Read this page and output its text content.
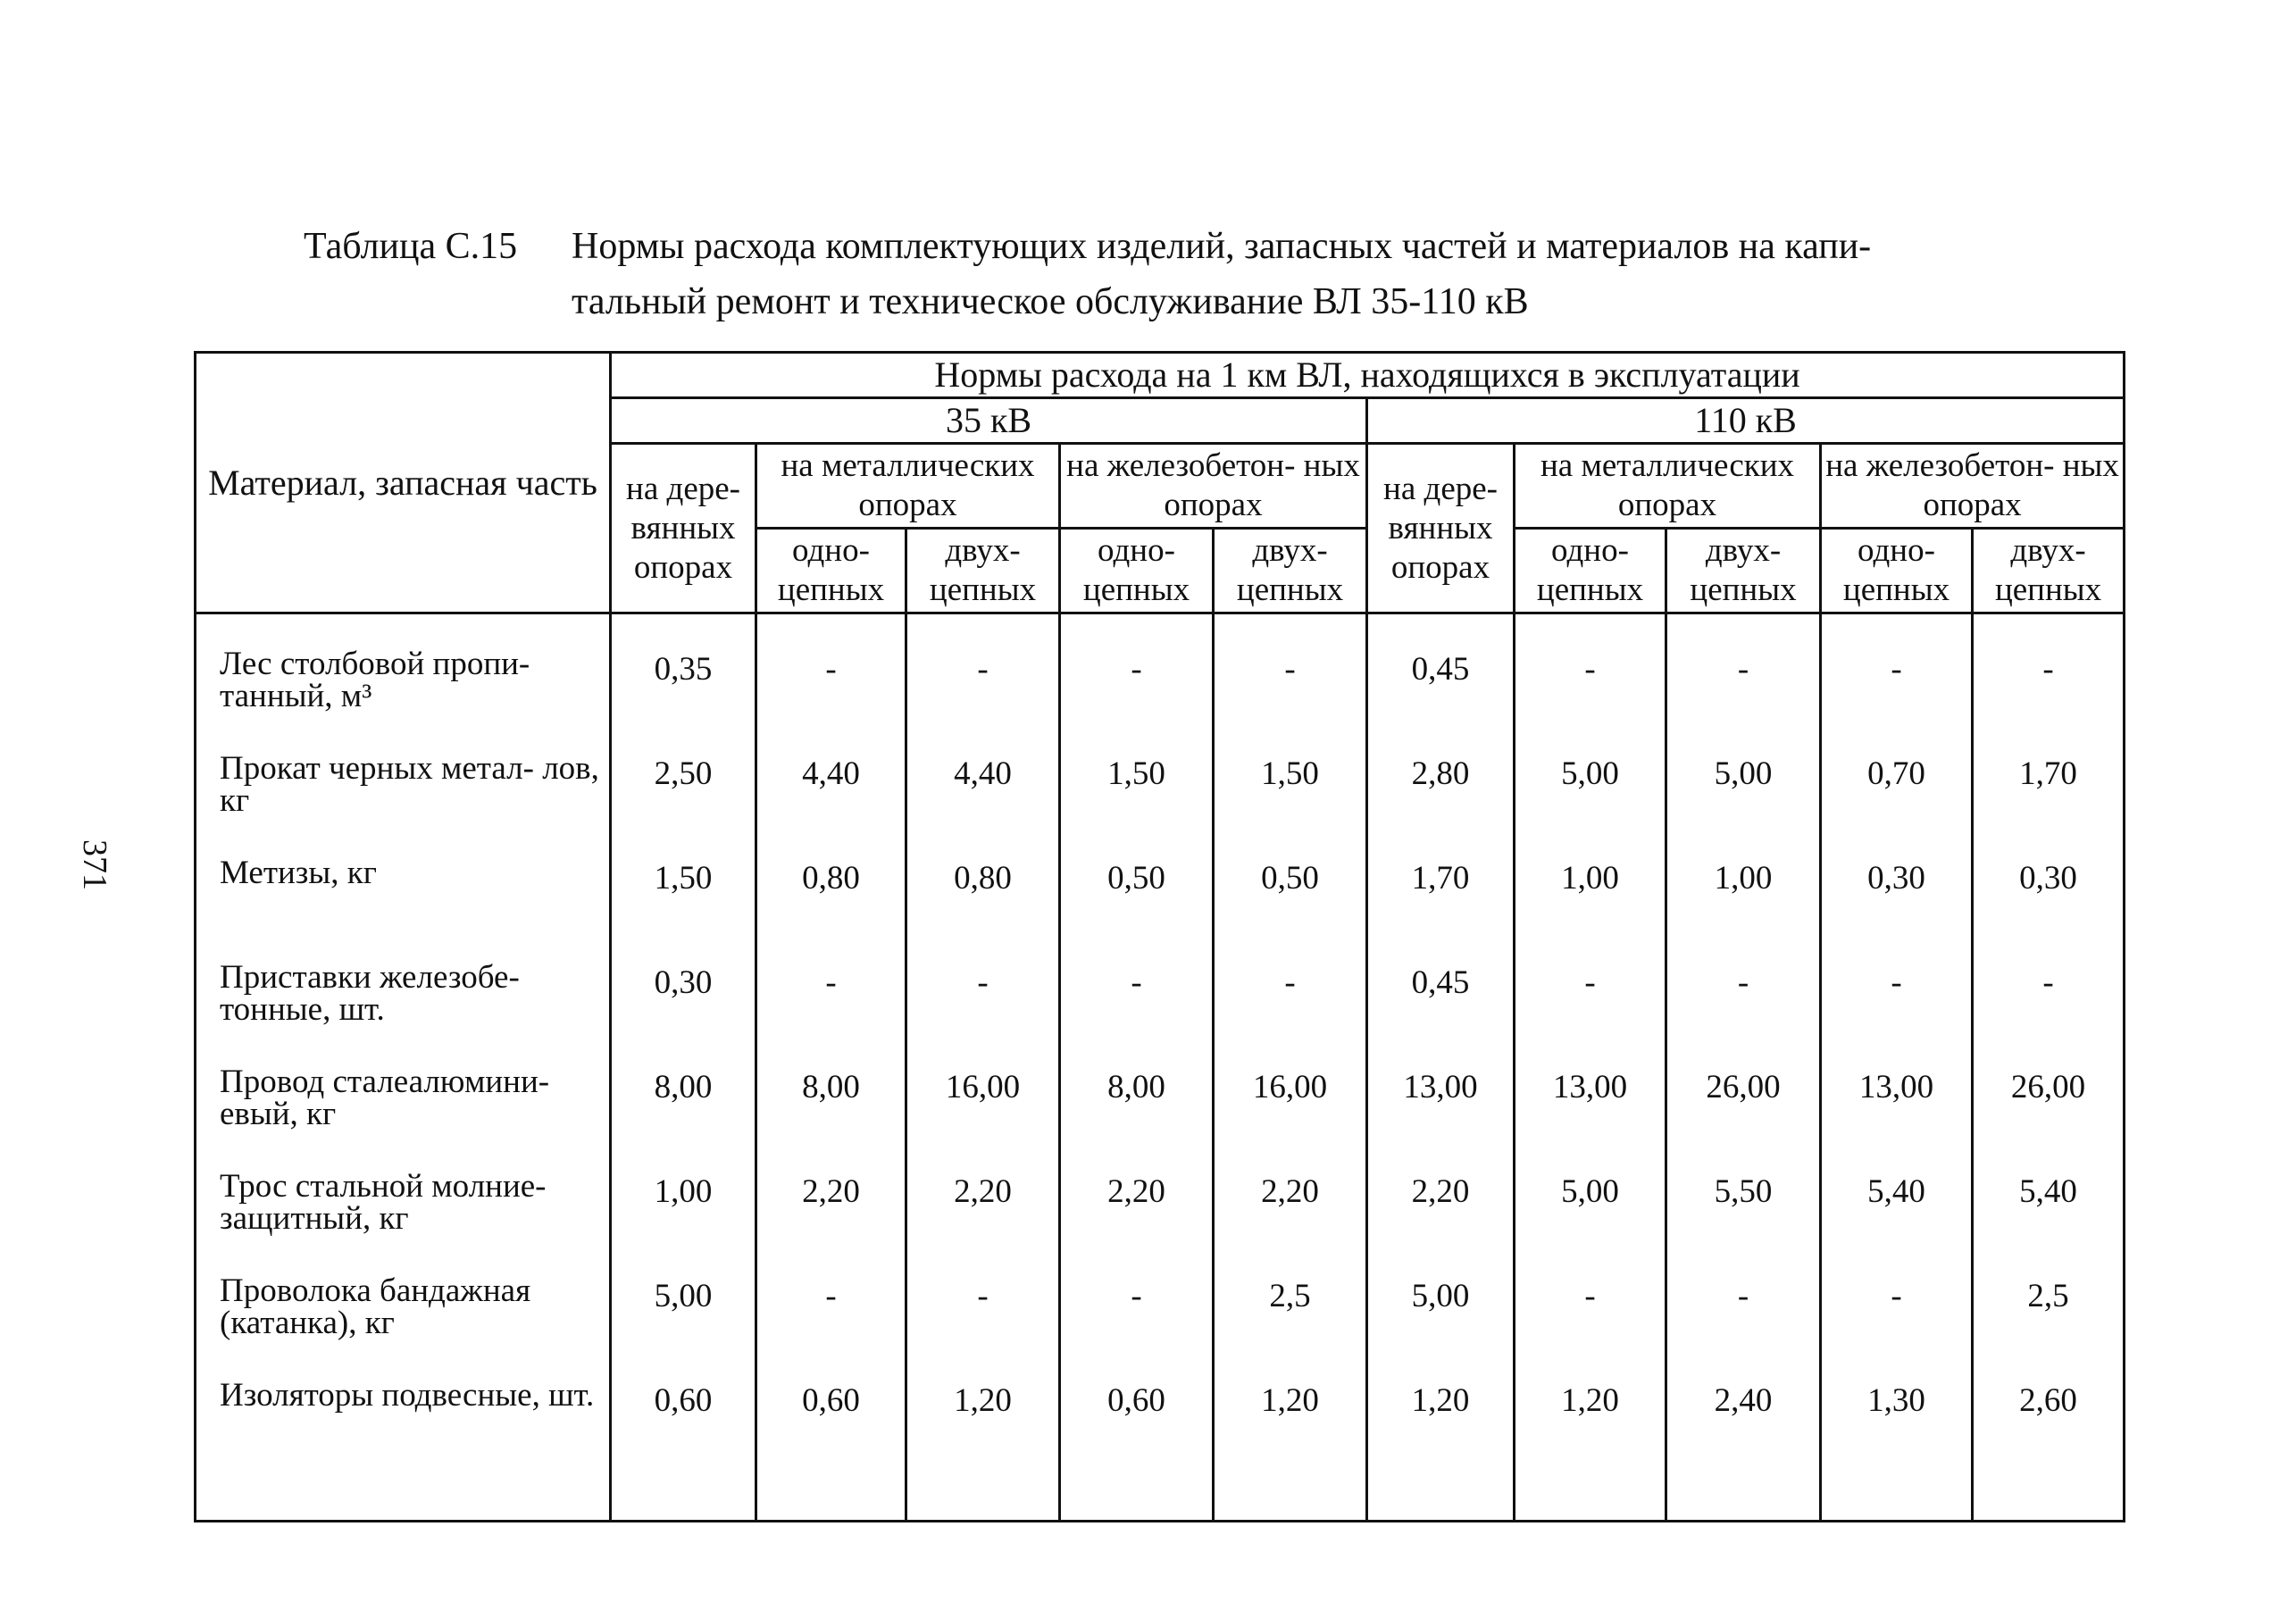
Таблица С.15 Нормы расхода комплектующих изделий, запасных частей и материалов на капи-
тальный ремонт и техническое обслуживание ВЛ 35-110 кВ
371
Материал, запасная часть	Нормы расхода на 1 км ВЛ, находящихся в эксплуатации									
	35 кВ					110 кВ				
	на дере- вянных опорах	на металлических опорах		на железобетон- ных опорах		на дере- вянных опорах	на металлических опорах		на железобетон- ных опорах	
		одно- цепных	двух- цепных	одно- цепных	двух- цепных		одно- цепных	двух- цепных	одно- цепных	двух- цепных

Лес столбовой пропи- танный, м³	0,35	-	-	-	-	0,45	-	-	-	-
Прокат черных метал- лов, кг	2,50	4,40	4,40	1,50	1,50	2,80	5,00	5,00	0,70	1,70
Метизы, кг	1,50	0,80	0,80	0,50	0,50	1,70	1,00	1,00	0,30	0,30
Приставки железобе- тонные, шт.	0,30	-	-	-	-	0,45	-	-	-	-
Провод сталеалюмини- евый, кг	8,00	8,00	16,00	8,00	16,00	13,00	13,00	26,00	13,00	26,00
Трос стальной молние- защитный, кг	1,00	2,20	2,20	2,20	2,20	2,20	5,00	5,50	5,40	5,40
Проволока бандажная (катанка), кг	5,00	-	-	-	2,5	5,00	-	-	-	2,5
Изоляторы подвесные, шт.	0,60	0,60	1,20	0,60	1,20	1,20	1,20	2,40	1,30	2,60
